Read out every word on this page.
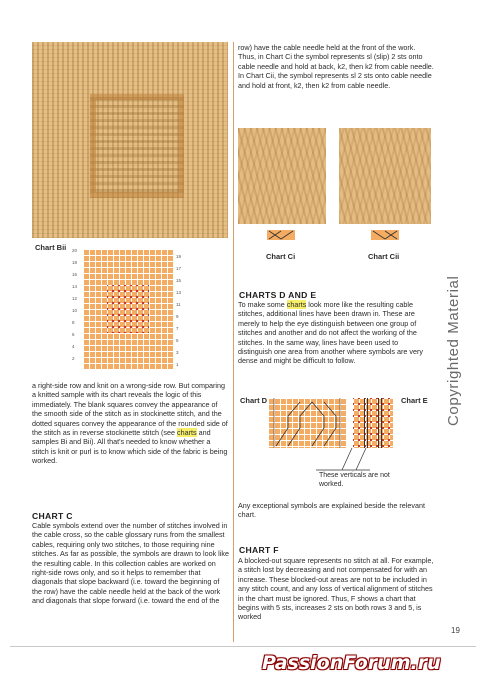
Chart Bii 20
18
16
14
12
10
8
6
4
2
19
17
15
13
11
9
7
5
3
1

a right-side row and knit on a wrong-side row. But comparing a knitted sample with its chart reveals the logic of this immediately. The blank squares convey the appearance of the smooth side of the stitch as in stockinette stitch, and the dotted squares convey the appearance of the rounded side of the stitch as in reverse stockinette stitch (see charts and samples Bi and Bii). All that's needed to know whether a stitch is knit or purl is to know which side of the fabric is being worked.

CHART C

Cable symbols extend over the number of stitches involved in the cable cross, so the cable glossary runs from the smallest cables, requiring only two stitches, to those requiring nine stitches. As far as possible, the symbols are drawn to look like the resulting cable. In this collection cables are worked on right-side rows only, and so it helps to remember that diagonals that slope backward (i.e. toward the beginning of the row) have the cable needle held at the back of the work and diagonals that slope forward (i.e. toward the end of the

row) have the cable needle held at the front of the work. Thus, in Chart Ci the symbol represents sl (slip) 2 sts onto cable needle and hold at back, k2, then k2 from cable needle. In Chart Cii, the symbol represents sl 2 sts onto cable needle and hold at front, k2, then k2 from cable needle.

Chart Ci	Chart Cii
CHARTS D AND E

To make some charts look more like the resulting cable stitches, additional lines have been drawn in. These are merely to help the eye distinguish between one group of stitches and another and do not affect the working of the stitches. In the same way, lines have been used to distinguish one area from another where symbols are very dense and might be difficult to follow.

Chart D	Chart E
These verticals are not worked.

Any exceptional symbols are explained beside the relevant chart.

CHART F

A blocked-out square represents no stitch at all. For example, a stitch lost by decreasing and not compensated for with an increase. These blocked-out areas are not to be included in any stitch count, and any loss of vertical alignment of stitches in the chart must be ignored. Thus, F shows a chart that begins with 5 sts, increases 2 sts on both rows 3 and 5, is worked

Copyrighted Material
19
PassionForum.ru
